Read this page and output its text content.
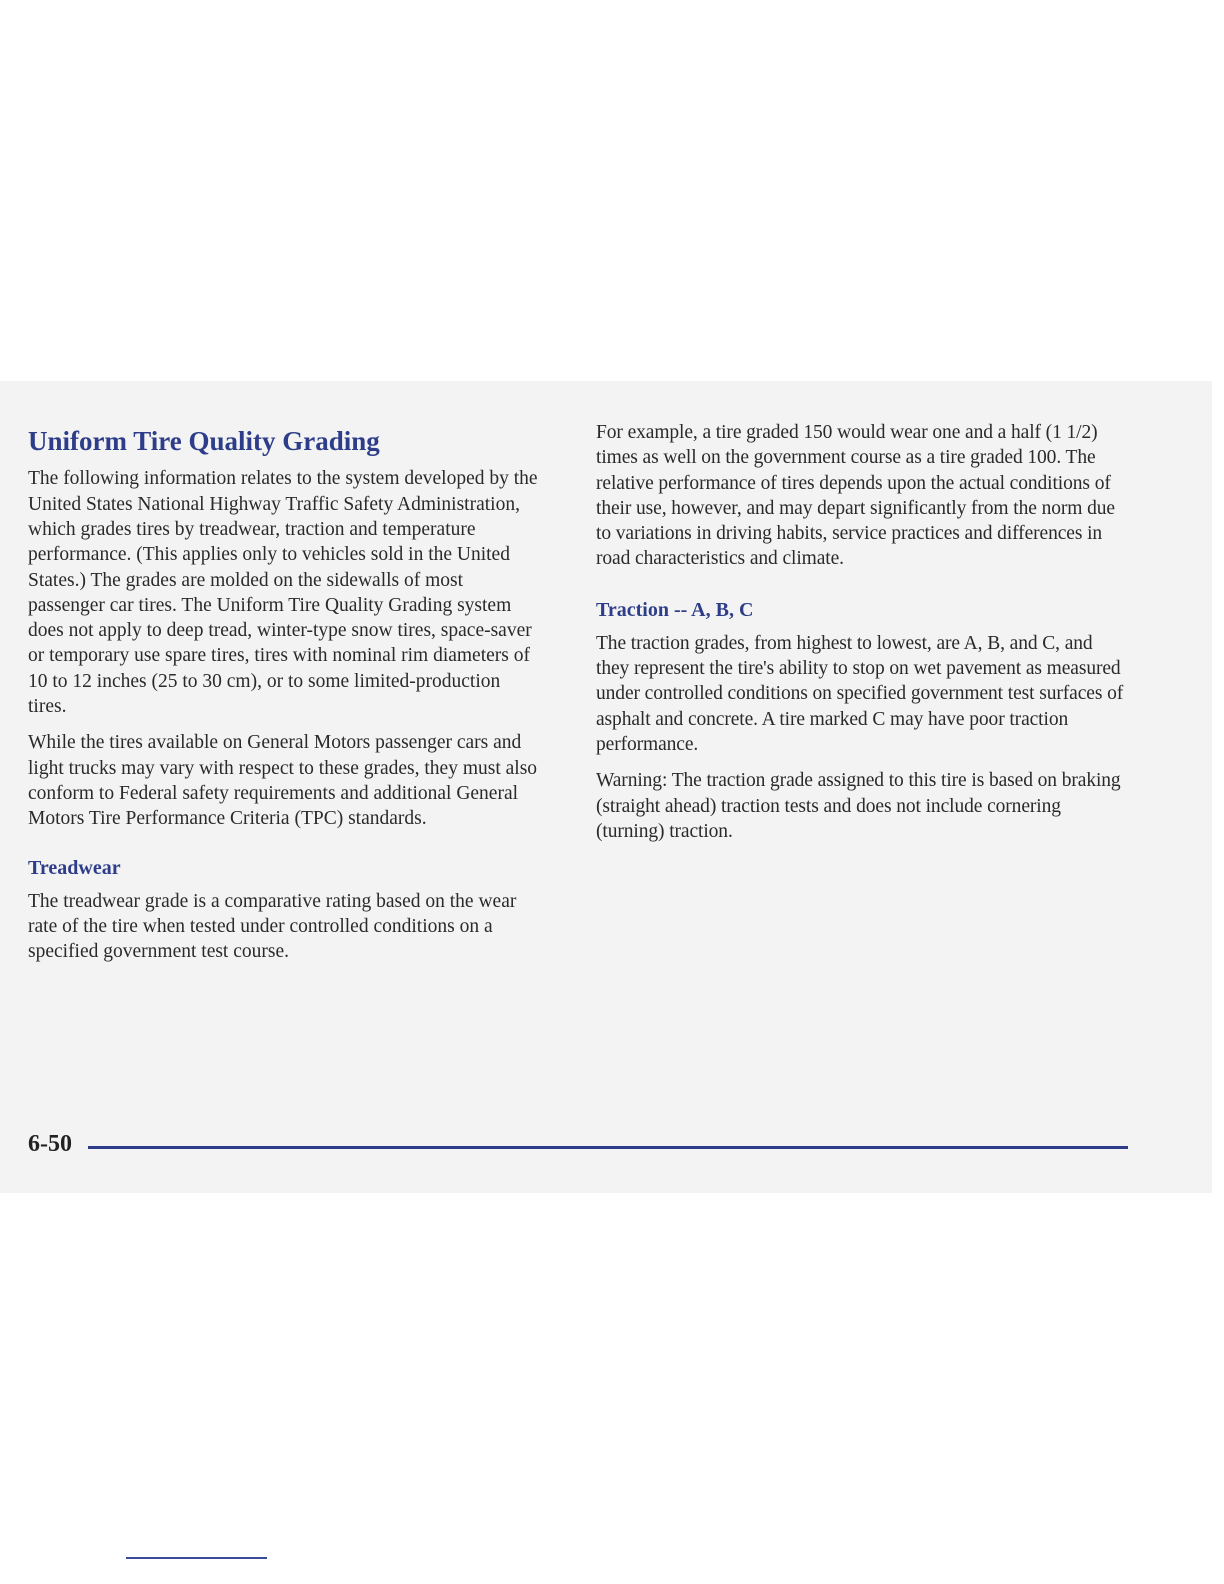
Uniform Tire Quality Grading

The following information relates to the system developed by the United States National Highway Traffic Safety Administration, which grades tires by treadwear, traction and temperature performance. (This applies only to vehicles sold in the United States.) The grades are molded on the sidewalls of most passenger car tires. The Uniform Tire Quality Grading system does not apply to deep tread, winter-type snow tires, space-saver or temporary use spare tires, tires with nominal rim diameters of 10 to 12 inches (25 to 30 cm), or to some limited-production tires.

While the tires available on General Motors passenger cars and light trucks may vary with respect to these grades, they must also conform to Federal safety requirements and additional General Motors Tire Performance Criteria (TPC) standards.

Treadwear

The treadwear grade is a comparative rating based on the wear rate of the tire when tested under controlled conditions on a specified government test course.

For example, a tire graded 150 would wear one and a half (1 1/2) times as well on the government course as a tire graded 100. The relative performance of tires depends upon the actual conditions of their use, however, and may depart significantly from the norm due to variations in driving habits, service practices and differences in road characteristics and climate.

Traction -- A, B, C

The traction grades, from highest to lowest, are A, B, and C, and they represent the tire's ability to stop on wet pavement as measured under controlled conditions on specified government test surfaces of asphalt and concrete. A tire marked C may have poor traction performance.

Warning: The traction grade assigned to this tire is based on braking (straight ahead) traction tests and does not include cornering (turning) traction.

6-50
